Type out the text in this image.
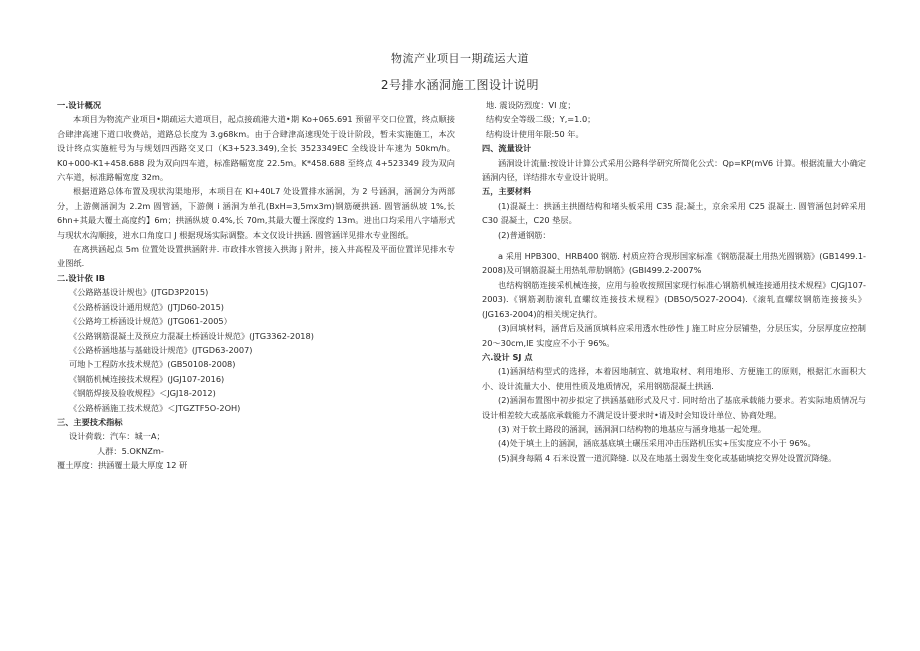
物流产业项目一期疏运大道
2号排水涵洞施工图设计说明

一.设计概况

本项目为物流产业项目•期疏运大道项目，起点接疏港大道•期 Ko+065.691 预留平交口位置，终点顺接合肆津高速下道口收费站，道路总长度为 3.g68km。由于合肆津高速现处于设计阶段，暂未实施施工，本次设计终点实施桩号为与规划四西路交叉口（K3+523.349),全长 3523349EC 全线设计车速为 50km/h。K0+000-K1+458.688 段为双向四车道，标准路幅宽度 22.5m。K*458.688 至终点 4+523349 段为双向六车道，标准路幅宽度 32m。

根据道路总体布置及现状沟渠地形，本项目在 KI+40L7 处设置排水涵洞，为 2 号涵洞，涵洞分为两部分，上游侧涵洞为 2.2m 圆管涵，下游侧 i 涵洞为单孔(BxH=3,5mx3m)钢筋硬拱涵. 圆管涵纵坡 1%,长 6hn+其最大覆土高度约】6m；拱涵纵坡 0.4%,长 70m,其最大覆土深度约 13m。进出口均采用八字墙形式与现状水沟顺接，进水口角度口 J 根据现场实际调整。本文仅设计拱涵. 圆管涵详见排水专业图纸。

在离拱涵起点 5m 位置处设置拱涵附井. 市政排水管接入拱海 j 附井，接入井高程及平面位置详见排水专业图纸.

二.设计依 IB

《公路路基设计规也》(JTGD3P2015)

《公路桥涵设计通用规范》(JTJD60-2015)

《公路垮工桥涵设计规范》(JTG061-2005）

《公路钢筋混凝土及预应力混凝土桥涵设计规范》(JTG3362-2018)

《公路桥涵地基与基础设计规范》(JTGD63-2007)

可地卜工程防水技术规范》(GB50108-2008)

《钢筋机械连接技术规程》(JGJ107-2016)

《钢筋焊接及验收规程》＜JGJ18-2012)

《公路桥涵施工技术规范》＜JTGZTF5O-2OH)

三、主要技术指标

设计荷载：汽车：城一A；

人群：5.OKNZm-

覆土厚度：拱涵覆土最大厚度 12 研

地. 震设防烈度：VI 度；

结构安全等级二级；Y,=1.0；

结构设计使用年限:50 年。

四、流量设计

涵洞设计流量:按设计计算公式采用公路科学研究所简化公式：Qp=KP(mV6 计算。根据流量大小确定涵洞内径，详结排水专业设计说明。

五，主要材料

(1)混凝土：拱涵主拱圈结构和堵头板采用 C35 混;凝土，京余采用 C25 混凝土. 圆管涵包封碎采用 C30 混凝土，C20 垫层。

(2)普通钢筋：

a 采用 HPB300、HRB400 钢筋. 村质应符合现形国家标准《钢筋混凝土用热光圆钢筋》(GB1499.1-2008)及可钢筋混凝土用热轧带肋钢筋》(GBI499.2-2007%

也结构钢筋连接采机械连接，应用与验收按照国家现行标准心钢筋机械连接通用技术规程》CJGJ107-2003).《钢筋剥肋滚轧直螺纹连接技术规程》(DB5O/5O27-2OO4).《滚轧直螺纹钢筋连接接头》(JG163-2004)的相关规定执行。

(3)回填材料，涵背后及涵顶填料应采用透水性砂性 J 施工时应分层铺垫，分层压实，分层厚度应控制 20～30cm,IE 实度应不小于 96%。

六.设计 SJ 点

(1)涵洞结构型式的选择，本着因地制宜、就地取材、利用地形、方便施工的原则，根据汇水面积大小、设计流量大小、使用性质及地质情况，采用钢筋混凝土拱涵.

(2)涵洞布置图中初步拟定了拱涵基础形式及尺寸. 同时给出了基底承载能力要求。若实际地质情况与设计相差较大或基底承载能力不满足设计要求时•请及时会知设计单位、协商处理。

(3) 对于软土路段的涵洞，涵洞洞口结构物的地基应与涵身地基一起处理。

(4)处于填土上的涵洞，涵底基底填土碾压采用冲击压路机压实+压实度应不小于 96%。

(5)洞身每隔 4 石米设置一道沉降缝. 以及在地基土弱发生变化或基础填挖交界处设置沉降缝。
